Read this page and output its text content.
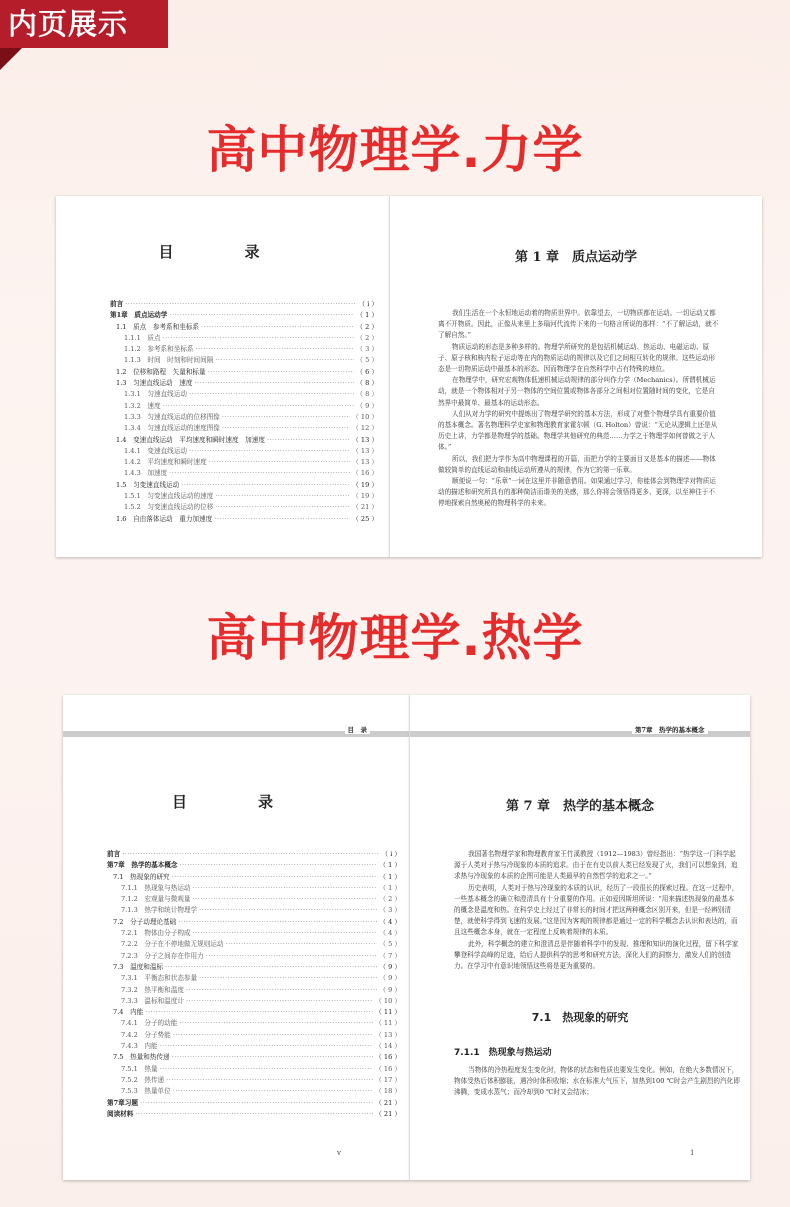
内页展示
高中物理学.力学
目　录
前言 ·····	（ i ）
第1章　质点运动学 ·····	（ 1 ）
1.1　质点　参考系和坐标系 ·····	（ 2 ）
1.1.1　质点 ·····	（ 2 ）
1.1.2　参考系和坐标系 ·····	（ 3 ）
1.1.3　时间　时刻和时间间隔 ·····	（ 5 ）
1.2　位移和路程　矢量和标量 ·····	（ 6 ）
1.3　匀速直线运动　速度 ·····	（ 8 ）
1.3.1　匀速直线运动 ·····	（ 8 ）
1.3.2　速度 ·····	（ 9 ）
1.3.3　匀速直线运动的位移图像 ·····	（ 10 ）
1.3.4　匀速直线运动的速度图像 ·····	（ 12 ）
1.4　变速直线运动　平均速度和瞬时速度　加速度 ·····	（ 13 ）
1.4.1　变速直线运动 ·····	（ 13 ）
1.4.2　平均速度和瞬时速度 ·····	（ 13 ）
1.4.3　加速度 ·····	（ 16 ）
1.5　匀变速直线运动 ·····	（ 19 ）
1.5.1　匀变速直线运动的速度 ·····	（ 19 ）
1.5.2　匀变速直线运动的位移 ·····	（ 21 ）
1.6　自由落体运动　重力加速度 ·····	（ 25 ）
第 1 章　质点运动学

我们生活在一个永恒地运动着的物质世界中。依靠望去，一切物质都在运动。一切运动又都离不开物质。因此，正像从来里上多瑙河代流传下来的一句格言所说的那样：“不了解运动，就不了解自然。”

物质运动的形态是多种多样的。物理学所研究的是包括机械运动、热运动、电磁运动、原子、原子核和核内粒子运动等在内的物质运动的规律以及它们之间相互转化的规律。这些运动形态是一切物质运动中最基本的形态。因而物理学在自然科学中占有特殊的地位。

在物理学中，研究宏观物体低速机械运动规律的部分叫作力学（Mechanics）。所谓机械运动，就是一个物体相对于另一物体的空间位置或物体各部分之间相对位置随时间的变化，它是自然界中最简单、最基本的运动形态。

人们从对力学的研究中提炼出了物理学研究的基本方法，形成了对整个物理学具有重要价值的基本概念。著名物理科学史家和物理教育家霍尔顿（G. Holton）曾说：“无论从逻辑上还是从历史上讲，力学都是物理学的基础。物理学其他研究的典范……力学之于物理学如何曾做之于人体。”

所以，我们把力学作为高中物理课程的开篇，而把力学的主要面目又是基本的描述——物体做较简单的直线运动和曲线运动所遵从的规律，作为它的第一乐章。

顺便说一句：“乐章”一词在这里并非随意借用。如果通过学习，你能体会到物理学对物质运动的描述和研究所具有的那种简洁而谐美的美感，那么你将会领悟得更多、更深，以至神往于不停地探索自然奥秘的物理科学的未来。

高中物理学.热学
目　录
目　录
前言 ·····	（ i ）
第7章　热学的基本概念 ·····	（ 1 ）
7.1　热现象的研究 ·····	（ 1 ）
7.1.1　热现象与热运动 ·····	（ 1 ）
7.1.2　宏观量与微观量 ·····	（ 2 ）
7.1.3　热学和统计物理学 ·····	（ 3 ）
7.2　分子动理论基础 ·····	（ 4 ）
7.2.1　物体由分子构成 ·····	（ 4 ）
7.2.2　分子在不停地做无规则运动 ·····	（ 5 ）
7.2.3　分子之间存在作用力 ·····	（ 7 ）
7.3　温度和温标 ·····	（ 9 ）
7.3.1　平衡态和状态参量 ·····	（ 9 ）
7.3.2　热平衡和温度 ·····	（ 9 ）
7.3.3　温标和温度计 ·····	（ 10 ）
7.4　内能 ·····	（ 11 ）
7.4.1　分子的动能 ·····	（ 11 ）
7.4.2　分子势能 ·····	（ 13 ）
7.4.3　内能 ·····	（ 14 ）
7.5　热量和热传递 ·····	（ 16 ）
7.5.1　热量 ·····	（ 16 ）
7.5.2　热传递 ·····	（ 17 ）
7.5.3　热量单位 ·····	（ 18 ）
第7章习题 ·····	（ 21 ）
阅读材料 ·····	（ 21 ）
v
第7章　热学的基本概念
第 7 章　热学的基本概念

我国著名物理学家和物理教育家王竹溪教授（1912—1983）曾经指出：“热学这一门科学起源于人类对于热与冷现象的本质的追求。由于在有史以前人类已经发现了火，我们可以想象到，追求热与冷现象的本质的企图可能是人类最早的自然哲学的追求之一。”

历史表明，人类对于热与冷现象的本质的认识，经历了一段很长的探索过程。在这一过程中，一些基本概念的确立和澄清具有十分重要的作用。正如爱因斯坦所说：“用来描述热现象的最基本的概念是温度和热。在科学史上经过了非常长的时间才把这两种概念区别开来，但是一经辨别清楚，就使科学得到飞速的发展。”这是因为客观的规律都是通过一定的科学概念去认识和表达的，而且这些概念本身，就在一定程度上反映着规律的本质。

此外，科学概念的建立和澄清总是伴随着科学中的发现、推理和知识的演化过程，留下科学家攀登科学高峰的足迹，给后人提供科学的思考和研究方法，深化人们的洞察力，激发人们的创造力。在学习中有意识地领悟这些将是更为重要的。

7.1　热现象的研究
7.1.1　热现象与热运动
当物体的冷热程度发生变化时，物体的状态和性质也要发生变化。例如，在绝大多数情况下，物体受热后体积膨胀，遇冷时体积收缩；水在标准大气压下，加热到100 ℃时会产生剧烈的汽化即沸腾，变成水蒸气；而冷却到0 ℃时又会结冰；
1
